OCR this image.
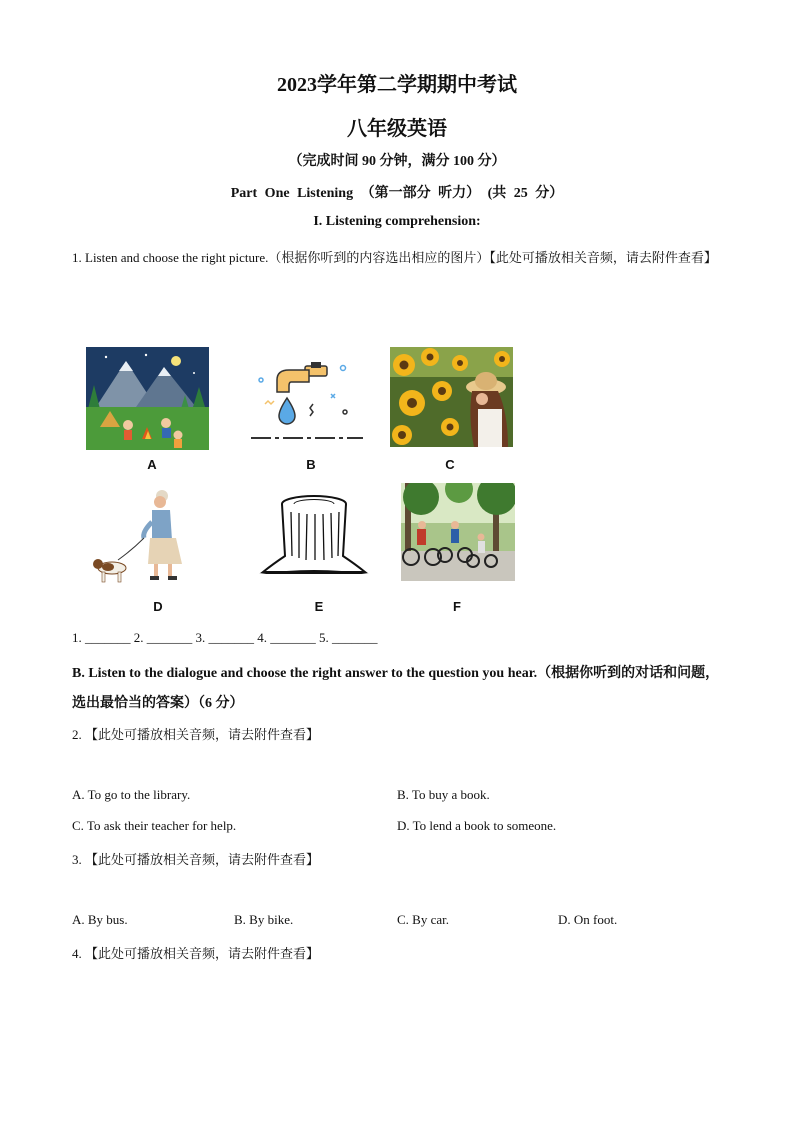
2023学年第二学期期中考试
八年级英语
（完成时间 90 分钟，满分 100 分）
Part One Listening （第一部分 听力） (共 25 分）
I. Listening comprehension:
1. Listen and choose the right picture.（根据你听到的内容选出相应的图片）【此处可播放相关音频，请去附件查看】
A	B	C
D	E	F
1. _______ 2. _______ 3. _______ 4. _______ 5. _______
B. Listen to the dialogue and choose the right answer to the question you hear.（根据你听到的对话和问题，选出最恰当的答案）（6 分）
2. 【此处可播放相关音频，请去附件查看】
A. To go to the library.	B. To buy a book.
C. To ask their teacher for help.	D. To lend a book to someone.
3. 【此处可播放相关音频，请去附件查看】
A. By bus.	B. By bike.	C. By car.	D. On foot.
4. 【此处可播放相关音频，请去附件查看】
